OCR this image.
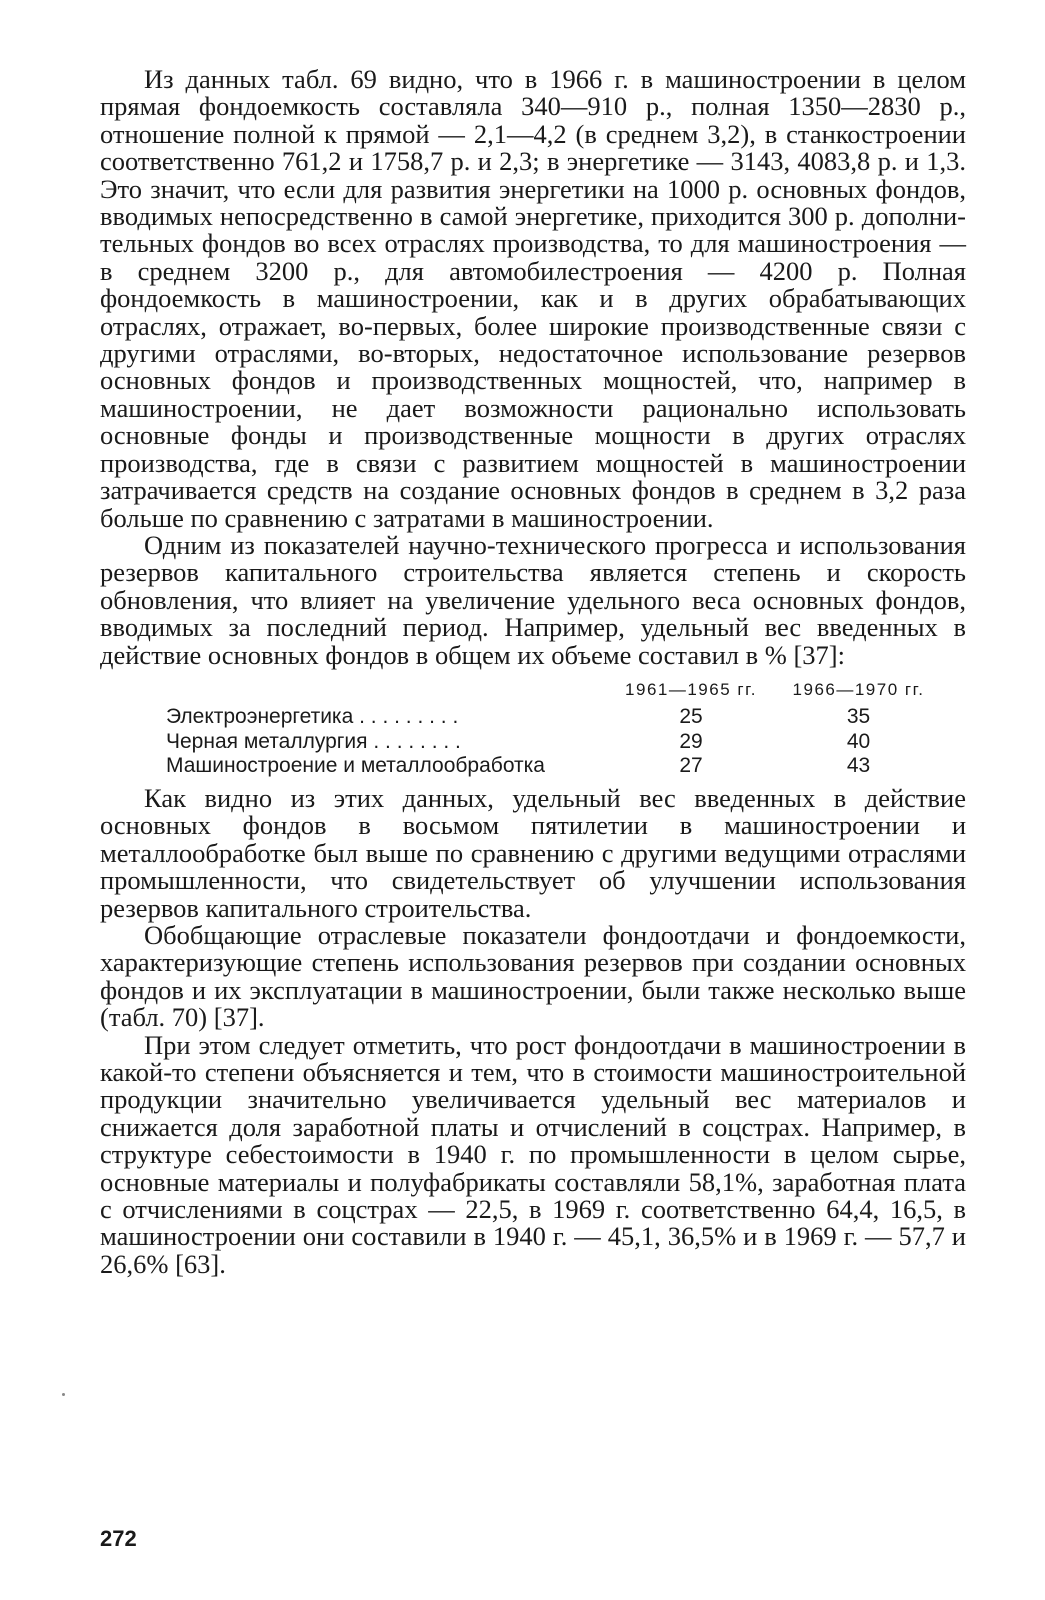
Из данных табл. 69 видно, что в 1966 г. в машиностроении в целом прямая фондоемкость составляла 340—910 р., полная 1350—2830 р., отношение полной к прямой — 2,1—4,2 (в среднем 3,2), в станкостроении соответственно 761,2 и 1758,7 р. и 2,3; в энергетике — 3143, 4083,8 р. и 1,3. Это значит, что если для развития энергетики на 1000 р. основных фондов, вводимых непосредственно в самой энергетике, приходится 300 р. дополнительных фондов во всех отраслях производства, то для машиностроения — в среднем 3200 р., для автомобилестроения — 4200 р. Полная фондоемкость в машиностроении, как и в других обрабатывающих отраслях, отражает, во-первых, более широкие производственные связи с другими отраслями, во-вторых, недостаточное использование резервов основных фондов и производственных мощностей, что, например в машиностроении, не дает возможности рационально использовать основные фонды и производственные мощности в других отраслях производства, где в связи с развитием мощностей в машиностроении затрачивается средств на создание основных фондов в среднем в 3,2 раза больше по сравнению с затратами в машиностроении.

Одним из показателей научно-технического прогресса и использования резервов капитального строительства является степень и скорость обновления, что влияет на увеличение удельного веса основных фондов, вводимых за последний период. Например, удельный вес введенных в действие основных фондов в общем их объеме составил в % [37]:

	1961—1965 гг.	1966—1970 гг.
Электроэнергетика . . . . . . . . .	25	35
Черная металлургия . . . . . . . .	29	40
Машиностроение и металлообработка	27	43

Как видно из этих данных, удельный вес введенных в действие основных фондов в восьмом пятилетии в машиностроении и металлообработке был выше по сравнению с другими ведущими отраслями промышленности, что свидетельствует об улучшении использования резервов капитального строительства.

Обобщающие отраслевые показатели фондоотдачи и фондоемкости, характеризующие степень использования резервов при создании основных фондов и их эксплуатации в машиностроении, были также несколько выше (табл. 70) [37].

При этом следует отметить, что рост фондоотдачи в машиностроении в какой-то степени объясняется и тем, что в стоимости машиностроительной продукции значительно увеличивается удельный вес материалов и снижается доля заработной платы и отчислений в соцстрах. Например, в структуре себестоимости в 1940 г. по промышленности в целом сырье, основные материалы и полуфабрикаты составляли 58,1%, заработная плата с отчислениями в соцстрах — 22,5, в 1969 г. соответственно 64,4, 16,5, в машиностроении они составили в 1940 г. — 45,1, 36,5% и в 1969 г. — 57,7 и 26,6% [63].

272
